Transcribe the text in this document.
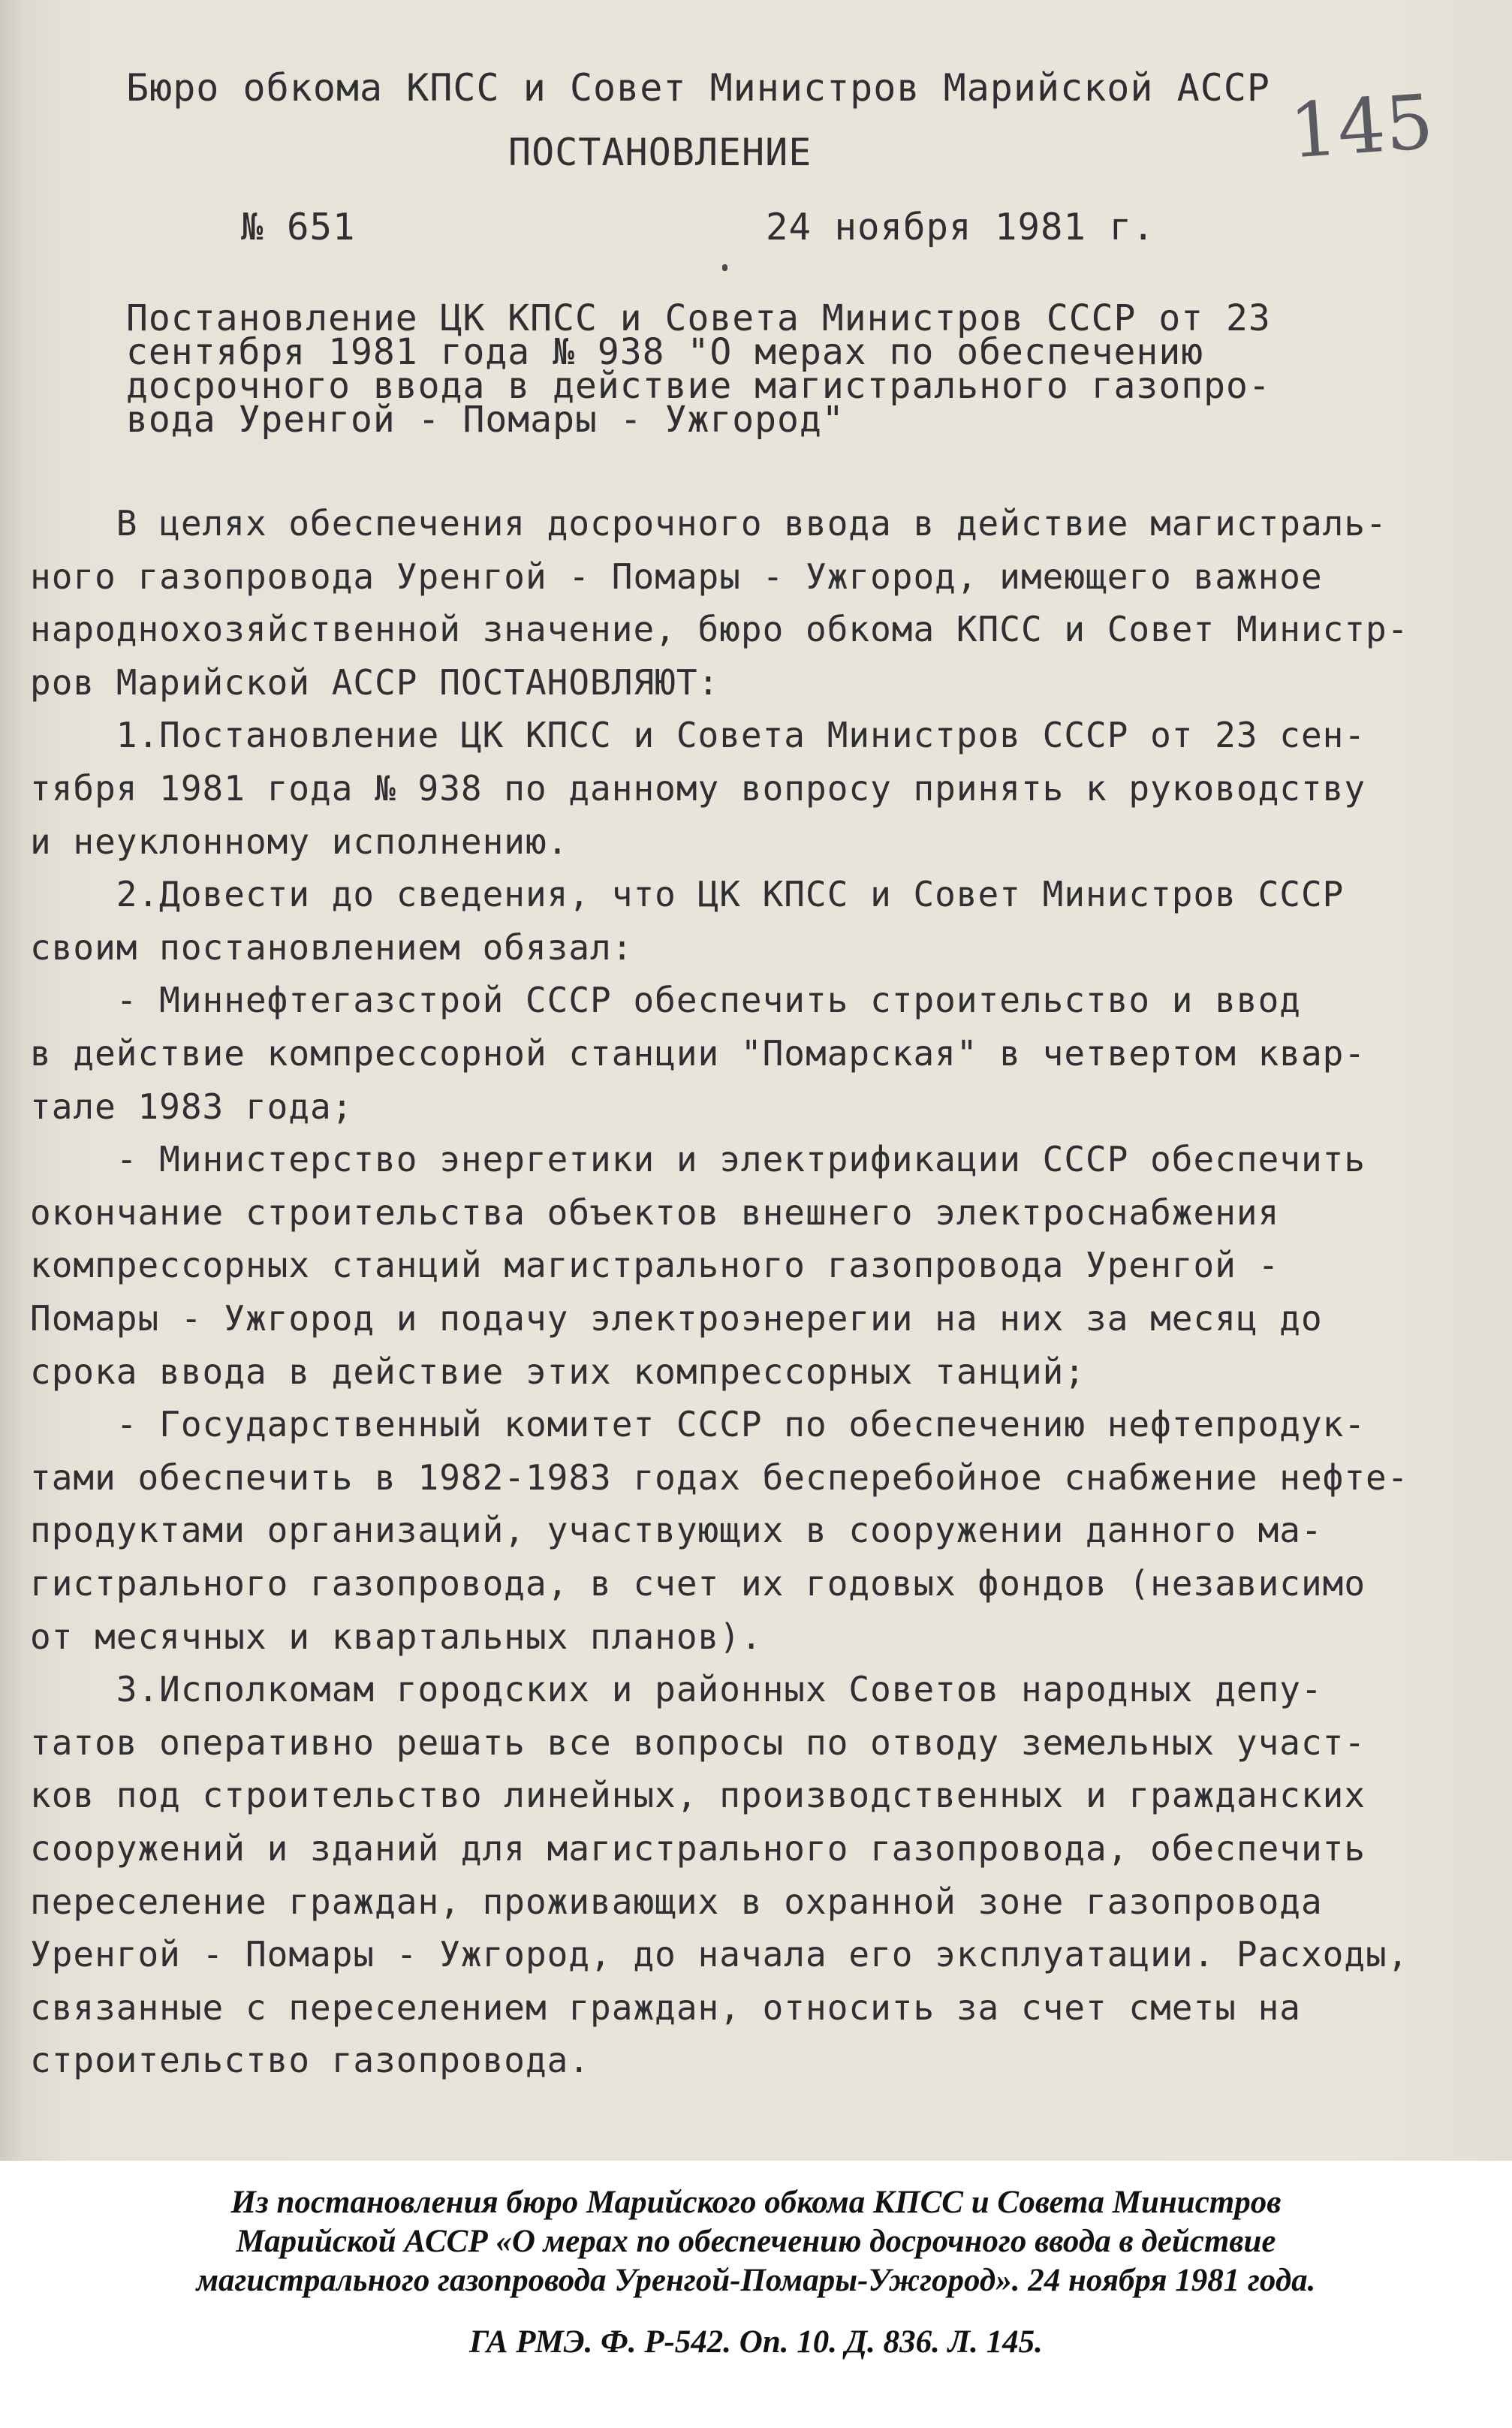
Бюро обкома КПСС и Совет Министров Марийской АССР
ПОСТАНОВЛЕНИЕ
№ 651	24 ноября 1981 г.
145
Постановление ЦК КПСС и Совета Министров СССР от 23
сентября 1981 года № 938 "О мерах по обеспечению
досрочного ввода в действие магистрального газопро-
вода Уренгой - Помары - Ужгород"
В целях обеспечения досрочного ввода в действие магистраль-
ного газопровода Уренгой - Помары - Ужгород, имеющего важное
народнохозяйственной значение, бюро обкома КПСС и Совет Министр-
ров Марийской АССР ПОСТАНОВЛЯЮТ:
1.Постановление ЦК КПСС и Совета Министров СССР от 23 сен-
тября 1981 года № 938 по данному вопросу принять к руководству
и неуклонному исполнению.
2.Довести до сведения, что ЦК КПСС и Совет Министров СССР
своим постановлением обязал:
- Миннефтегазстрой СССР обеспечить строительство и ввод
в действие компрессорной станции "Помарская" в четвертом квар-
тале 1983 года;
- Министерство энергетики и электрификации СССР обеспечить
окончание строительства объектов внешнего электроснабжения
компрессорных станций магистрального газопровода Уренгой -
Помары - Ужгород и подачу электроэнерегии на них за месяц до
срока ввода в действие этих компрессорных танций;
- Государственный комитет СССР по обеспечению нефтепродук-
тами обеспечить в 1982-1983 годах бесперебойное снабжение нефте-
продуктами организаций, участвующих в сооружении данного ма-
гистрального газопровода, в счет их годовых фондов (независимо
от месячных и квартальных планов).
3.Исполкомам городских и районных Советов народных депу-
татов оперативно решать все вопросы по отводу земельных участ-
ков под строительство линейных, производственных и гражданских
сооружений и зданий для магистрального газопровода, обеспечить
переселение граждан, проживающих в охранной зоне газопровода
Уренгой - Помары - Ужгород, до начала его эксплуатации. Расходы,
связанные с переселением граждан, относить за счет сметы на
строительство газопровода.
Из постановления бюро Марийского обкома КПСС и Совета Министров
Марийской АССР «О мерах по обеспечению досрочного ввода в действие
магистрального газопровода Уренгой-Помары-Ужгород». 24 ноября 1981 года.
ГА РМЭ. Ф. Р-542. Оп. 10. Д. 836. Л. 145.
